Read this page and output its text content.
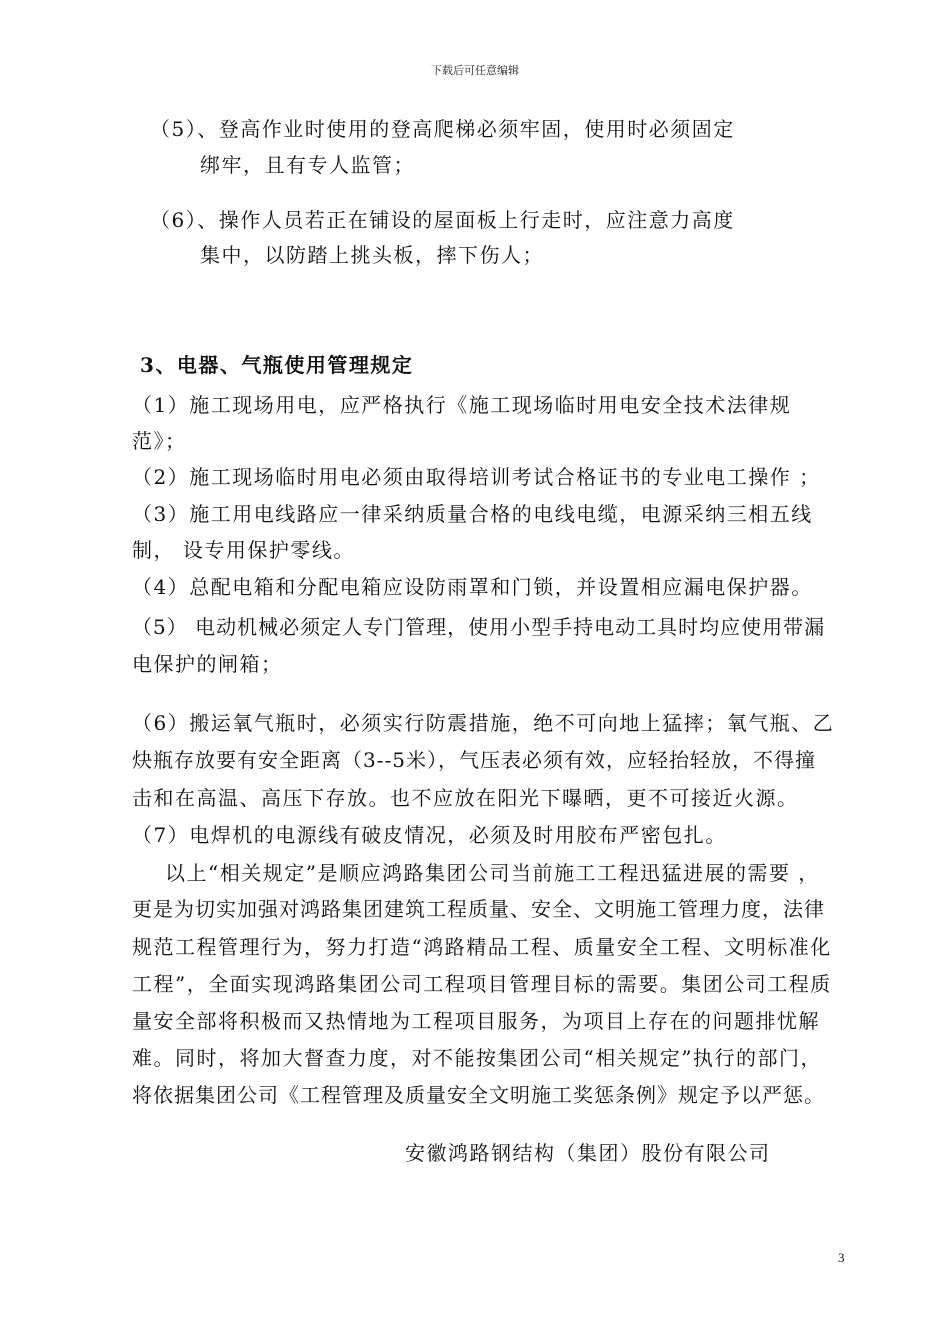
下载后可任意编辑
（5）、登高作业时使用的登高爬梯必须牢固，使用时必须固定
绑牢，且有专人监管；
（6）、操作人员若正在铺设的屋面板上行走时，应注意力高度
集中，以防踏上挑头板，摔下伤人；
3、电器、气瓶使用管理规定
（1）施工现场用电，应严格执行《施工现场临时用电安全技术法律规
范》；
（2）施工现场临时用电必须由取得培训考试合格证书的专业电工操作 ；
（3）施工用电线路应一律采纳质量合格的电线电缆，电源采纳三相五线
制， 设专用保护零线。
（4）总配电箱和分配电箱应设防雨罩和门锁，并设置相应漏电保护器。
（5） 电动机械必须定人专门管理，使用小型手持电动工具时均应使用带漏
电保护的闸箱；
（6）搬运氧气瓶时，必须实行防震措施，绝不可向地上猛摔；氧气瓶、乙
炔瓶存放要有安全距离（3--5米），气压表必须有效，应轻抬轻放，不得撞
击和在高温、高压下存放。也不应放在阳光下曝晒，更不可接近火源。
（7）电焊机的电源线有破皮情况，必须及时用胶布严密包扎。
以上“相关规定”是顺应鸿路集团公司当前施工工程迅猛进展的需要 ，
更是为切实加强对鸿路集团建筑工程质量、安全、文明施工管理力度，法律
规范工程管理行为，努力打造“鸿路精品工程、质量安全工程、文明标准化
工程”，全面实现鸿路集团公司工程项目管理目标的需要。集团公司工程质
量安全部将积极而又热情地为工程项目服务，为项目上存在的问题排忧解
难。同时，将加大督查力度，对不能按集团公司“相关规定”执行的部门，
将依据集团公司《工程管理及质量安全文明施工奖惩条例》规定予以严惩。
安徽鸿路钢结构（集团）股份有限公司
3
